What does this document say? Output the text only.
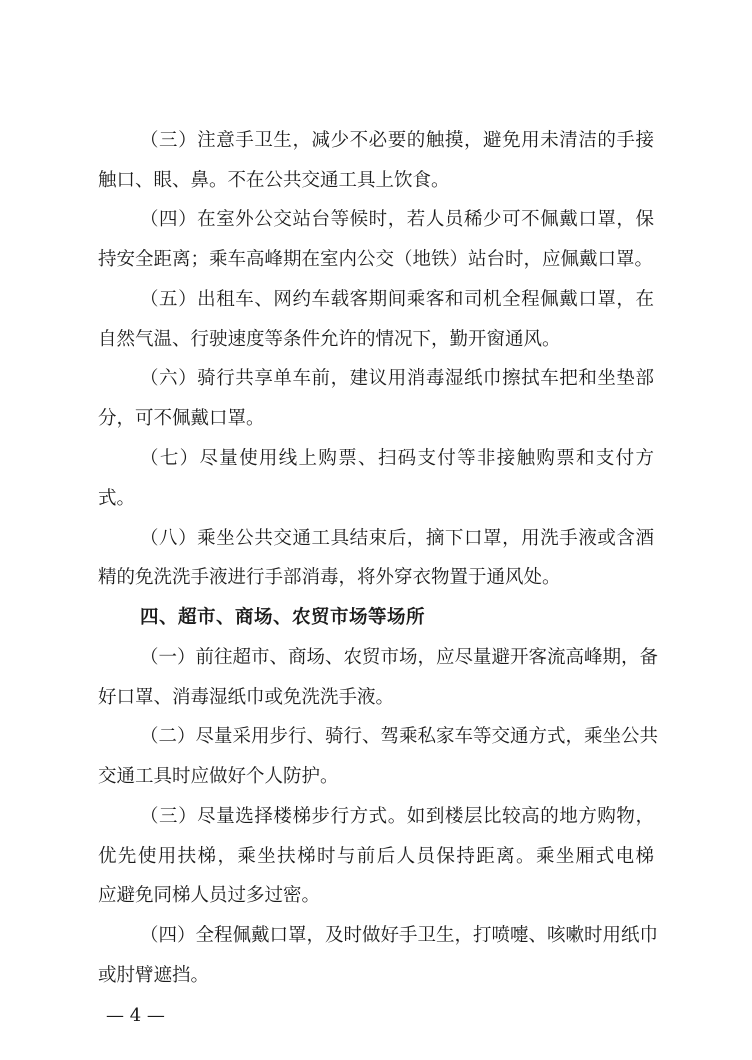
（三）注意手卫生，减少不必要的触摸，避免用未清洁的手接
触口、眼、鼻。不在公共交通工具上饮食。
（四）在室外公交站台等候时，若人员稀少可不佩戴口罩，保
持安全距离；乘车高峰期在室内公交（地铁）站台时，应佩戴口罩。
（五）出租车、网约车载客期间乘客和司机全程佩戴口罩，在
自然气温、行驶速度等条件允许的情况下，勤开窗通风。
（六）骑行共享单车前，建议用消毒湿纸巾擦拭车把和坐垫部
分，可不佩戴口罩。
（七）尽量使用线上购票、扫码支付等非接触购票和支付方
式。
（八）乘坐公共交通工具结束后，摘下口罩，用洗手液或含酒
精的免洗洗手液进行手部消毒，将外穿衣物置于通风处。
四、超市、商场、农贸市场等场所
（一）前往超市、商场、农贸市场，应尽量避开客流高峰期，备
好口罩、消毒湿纸巾或免洗洗手液。
（二）尽量采用步行、骑行、驾乘私家车等交通方式，乘坐公共
交通工具时应做好个人防护。
（三）尽量选择楼梯步行方式。如到楼层比较高的地方购物，
优先使用扶梯，乘坐扶梯时与前后人员保持距离。乘坐厢式电梯
应避免同梯人员过多过密。
（四）全程佩戴口罩，及时做好手卫生，打喷嚏、咳嗽时用纸巾
或肘臂遮挡。
— 4 —
